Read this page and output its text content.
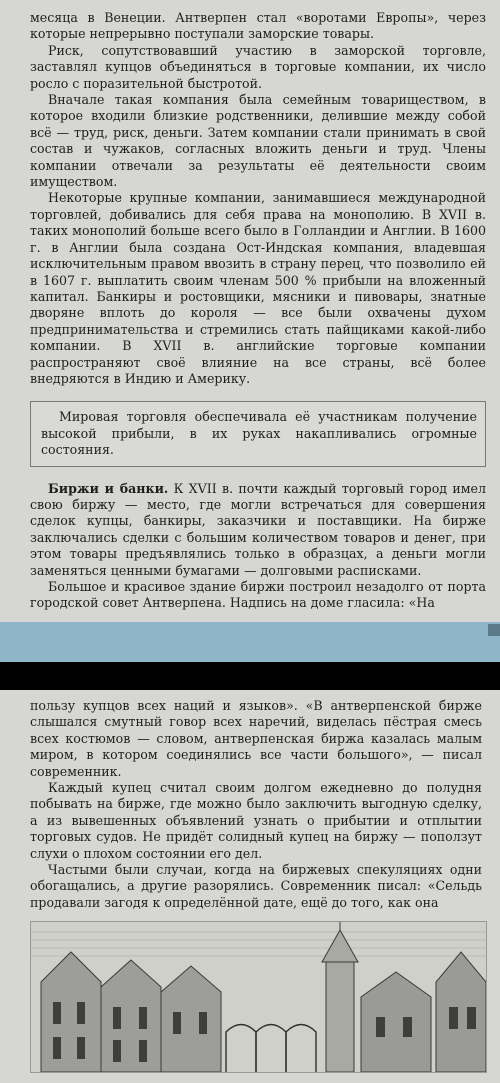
месяца в Венеции. Антверпен стал «воротами Европы», через которые непрерывно поступали заморские товары.

Риск, сопутствовавший участию в заморской торговле, заставлял купцов объединяться в торговые компании, их число росло с поразительной быстротой.

Вначале такая компания была семейным товариществом, в которое входили близкие родственники, делившие между собой всё — труд, риск, деньги. Затем компании стали принимать в свой состав и чужаков, согласных вложить деньги и труд. Члены компании отвечали за результаты её деятельности своим имуществом.

Некоторые крупные компании, занимавшиеся международной торговлей, добивались для себя права на монополию. В XVII в. таких монополий больше всего было в Голландии и Англии. В 1600 г. в Англии была создана Ост-Индская компания, владевшая исключительным правом ввозить в страну перец, что позволило ей в 1607 г. выплатить своим членам 500 % прибыли на вложенный капитал. Банкиры и ростовщики, мясники и пивовары, знатные дворяне вплоть до короля — все были охвачены духом предпринимательства и стремились стать пайщиками какой-либо компании. В XVII в. английские торговые компании распространяют своё влияние на все страны, всё более внедряются в Индию и Америку.

Мировая торговля обеспечивала её участникам получение высокой прибыли, в их руках накапливались огромные состояния.

Биржи и банки. К XVII в. почти каждый торговый город имел свою биржу — место, где могли встречаться для совершения сделок купцы, банкиры, заказчики и поставщики. На бирже заключались сделки с большим количеством товаров и денег, при этом товары предъявлялись только в образцах, а деньги могли заменяться ценными бумагами — долговыми расписками.

Большое и красивое здание биржи построил незадолго от порта городской совет Антверпена. Надпись на доме гласила: «На

пользу купцов всех наций и языков». «В антверпенской бирже слышался смутный говор всех наречий, виделась пёстрая смесь всех костюмов — словом, антверпенская биржа казалась малым миром, в котором соединялись все части большого», — писал современник.

Каждый купец считал своим долгом ежедневно до полудня побывать на бирже, где можно было заключить выгодную сделку, а из вывешенных объявлений узнать о прибытии и отплытии торговых судов. Не придёт солидный купец на биржу — поползут слухи о плохом состоянии его дел.

Частыми были случаи, когда на биржевых спекуляциях одни обогащались, а другие разорялись. Современник писал: «Сельдь продавали загодя к определённой дате, ещё до того, как она
